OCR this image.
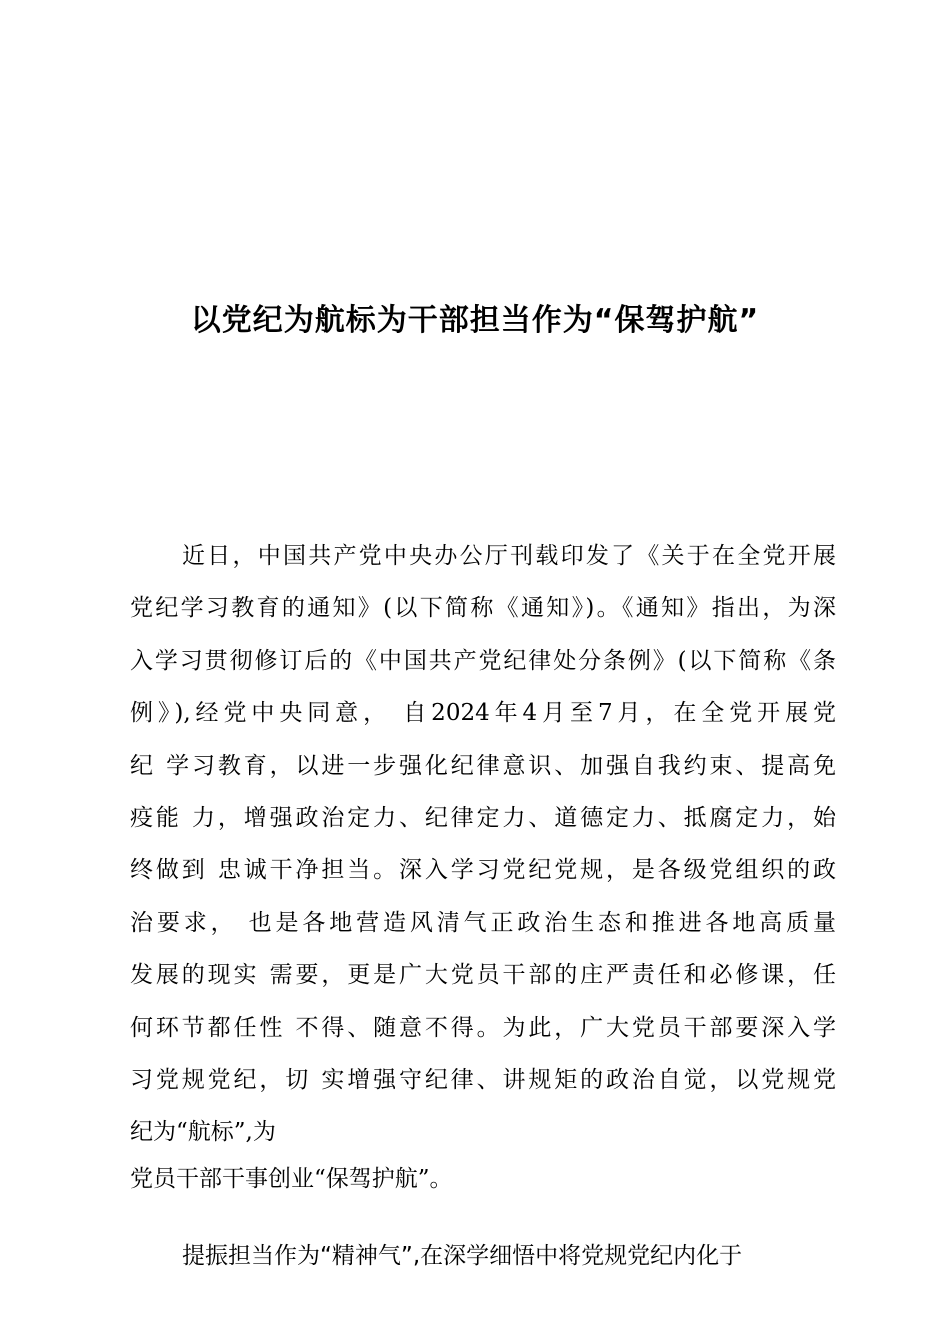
以党纪为航标为干部担当作为“保驾护航”
近日，中国共产党中央办公厅刊载印发了《关于在全党开展
党纪学习教育的通知》(以下简称《通知》)。《通知》指出，为深
入学习贯彻修订后的《中国共产党纪律处分条例》(以下简称《条
例》),经党中央同意， 自2024年4月至7月，在全党开展党
纪 学习教育，以进一步强化纪律意识、加强自我约束、提高免
疫能 力，增强政治定力、纪律定力、道德定力、抵腐定力，始
终做到 忠诚干净担当。深入学习党纪党规，是各级党组织的政
治要求， 也是各地营造风清气正政治生态和推进各地高质量
发展的现实 需要，更是广大党员干部的庄严责任和必修课，任
何环节都任性 不得、随意不得。为此，广大党员干部要深入学
习党规党纪，切 实增强守纪律、讲规矩的政治自觉，以党规党
纪为“航标”,为
党员干部干事创业“保驾护航”。
提振担当作为“精神气”,在深学细悟中将党规党纪内化于
